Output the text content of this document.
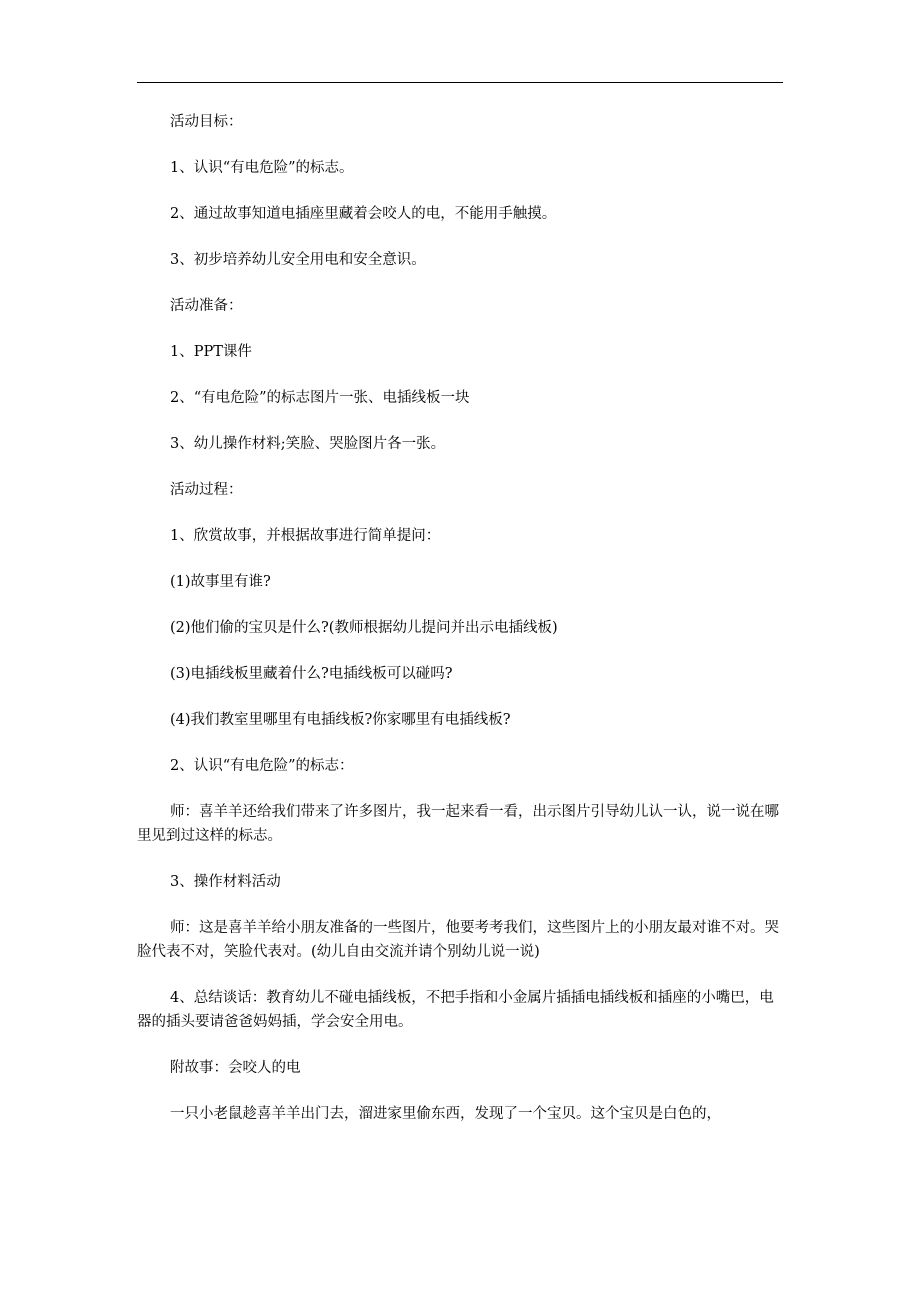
活动目标：

1、认识“有电危险”的标志。

2、通过故事知道电插座里藏着会咬人的电，不能用手触摸。

3、初步培养幼儿安全用电和安全意识。

活动准备：

1、PPT课件

2、“有电危险”的标志图片一张、电插线板一块

3、幼儿操作材料;笑脸、哭脸图片各一张。

活动过程：

1、欣赏故事，并根据故事进行简单提问：

(1)故事里有谁?

(2)他们偷的宝贝是什么?(教师根据幼儿提问并出示电插线板)

(3)电插线板里藏着什么?电插线板可以碰吗?

(4)我们教室里哪里有电插线板?你家哪里有电插线板?

2、认识“有电危险”的标志：

师：喜羊羊还给我们带来了许多图片，我一起来看一看，出示图片引导幼儿认一认，说一说在哪里见到过这样的标志。

3、操作材料活动

师：这是喜羊羊给小朋友准备的一些图片，他要考考我们，这些图片上的小朋友最对谁不对。哭脸代表不对，笑脸代表对。(幼儿自由交流并请个别幼儿说一说)

4、总结谈话：教育幼儿不碰电插线板，不把手指和小金属片插插电插线板和插座的小嘴巴，电器的插头要请爸爸妈妈插，学会安全用电。

附故事：会咬人的电

一只小老鼠趁喜羊羊出门去，溜进家里偷东西，发现了一个宝贝。这个宝贝是白色的，
